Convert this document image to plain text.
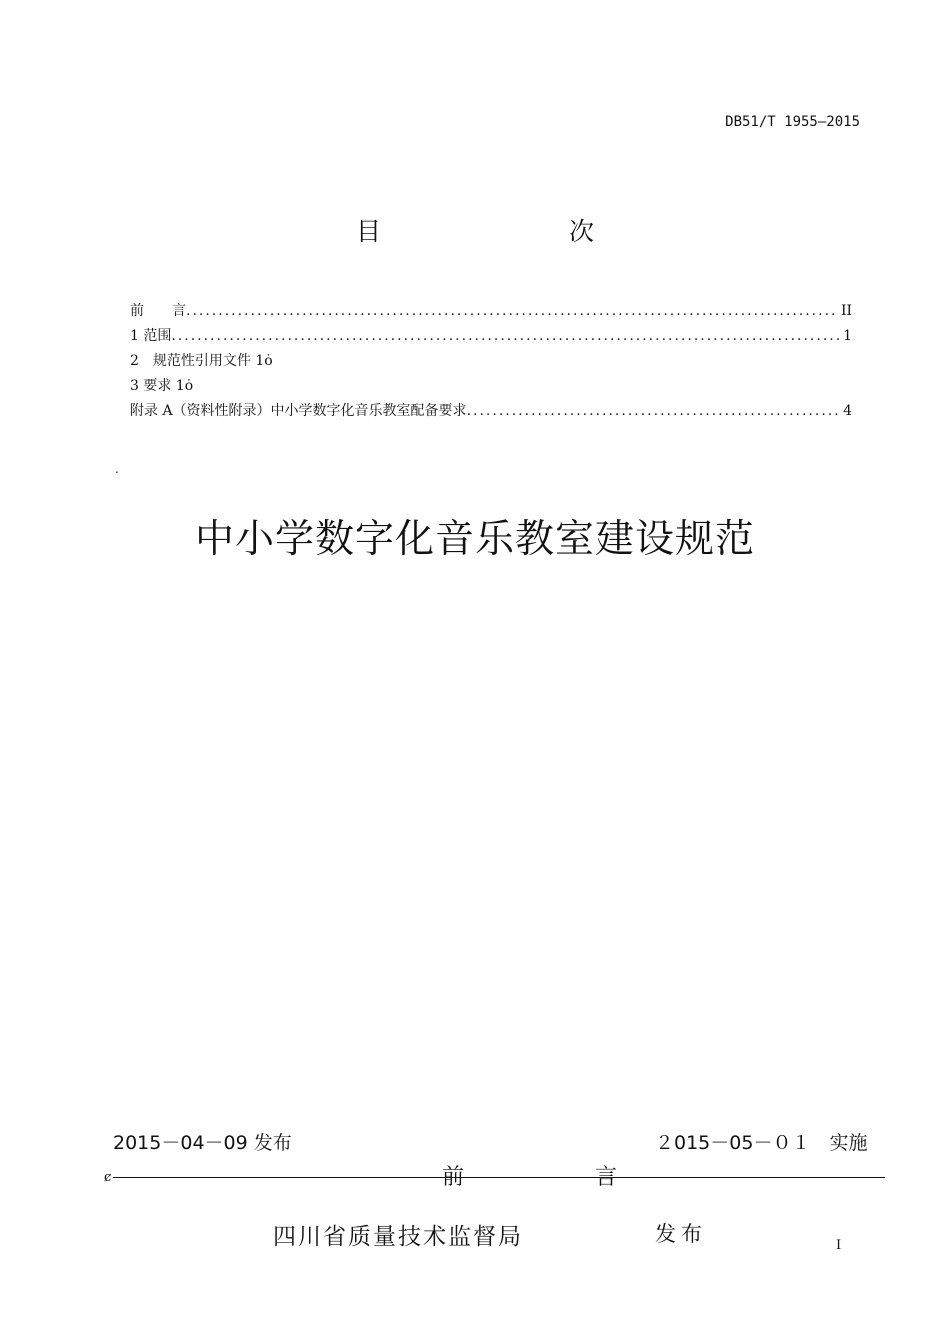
DB51/T 1955—2015
目 次
前　　言 .....	II
1 范围 .....	1
2　规范性引用文件 1 ȯ
3 要求 1 ȯ
附录 A（资料性附录）中小学数字化音乐教室配备要求 .....	4
.
中小学数字化音乐教室建设规范
2015－04－09 发布	２015－05－０１　实施
ȼ	前 言
四川省质量技术监督局	发布	I
